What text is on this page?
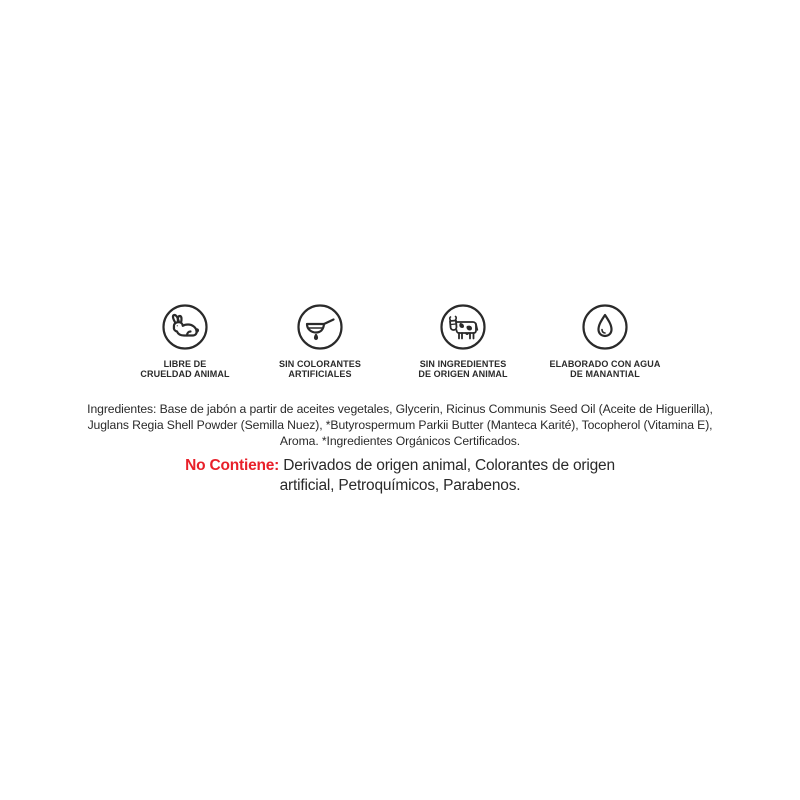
LIBRE DE
CRUELDAD ANIMAL
SIN COLORANTES
ARTIFICIALES
SIN INGREDIENTES
DE ORIGEN ANIMAL
ELABORADO CON AGUA
DE MANANTIAL
Ingredientes: Base de jabón a partir de aceites vegetales, Glycerin, Ricinus Communis Seed Oil (Aceite de Higuerilla), Juglans Regia Shell Powder (Semilla Nuez), *Butyrospermum Parkii Butter (Manteca Karité), Tocopherol (Vitamina E), Aroma. *Ingredientes Orgánicos Certificados.
No Contiene: Derivados de origen animal, Colorantes de origen artificial, Petroquímicos, Parabenos.
